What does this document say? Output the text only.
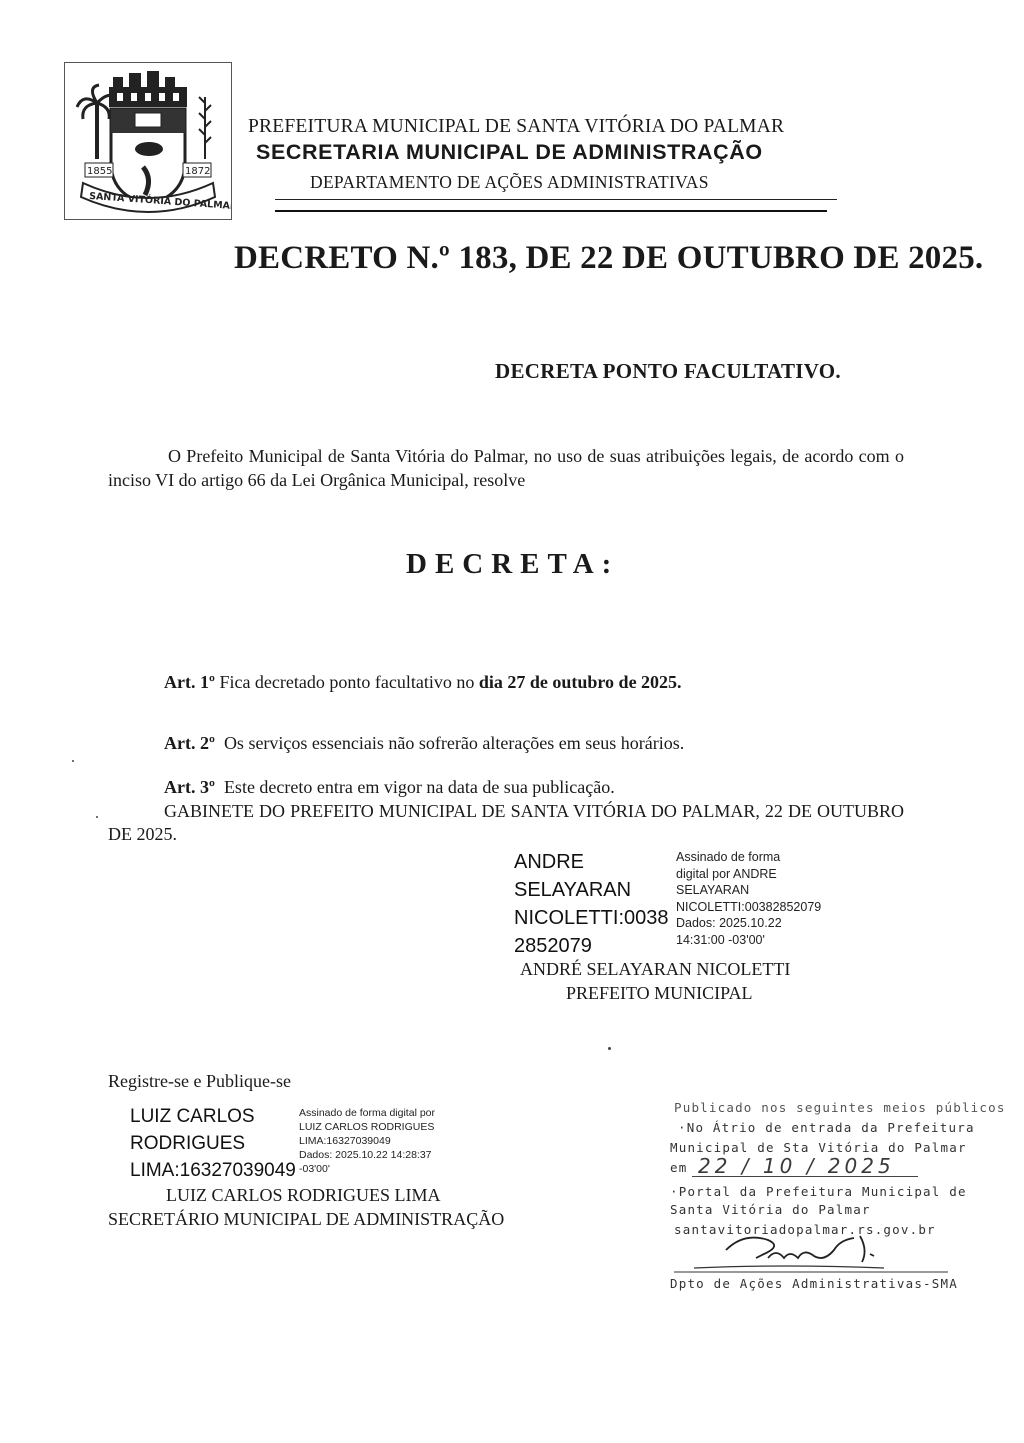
1855	1872
SANTA VITÓRIA DO PALMAR
PREFEITURA MUNICIPAL DE SANTA VITÓRIA DO PALMAR
SECRETARIA MUNICIPAL DE ADMINISTRAÇÃO
DEPARTAMENTO DE AÇÕES ADMINISTRATIVAS
DECRETO N.º 183, DE 22 DE OUTUBRO DE 2025.
DECRETA PONTO FACULTATIVO.
O Prefeito Municipal de Santa Vitória do Palmar, no uso de suas atribuições legais, de acordo com o inciso VI do artigo 66 da Lei Orgânica Municipal, resolve
DECRETA:
Art. 1º Fica decretado ponto facultativo no dia 27 de outubro de 2025.
Art. 2º  Os serviços essenciais não sofrerão alterações em seus horários.
Art. 3º  Este decreto entra em vigor na data de sua publicação.
GABINETE DO PREFEITO MUNICIPAL DE SANTA VITÓRIA DO PALMAR, 22 DE OUTUBRO DE 2025.
ANDRE
SELAYARAN
NICOLETTI:0038
2852079
Assinado de forma
digital por ANDRE
SELAYARAN
NICOLETTI:00382852079
Dados: 2025.10.22
14:31:00 -03'00'
ANDRÉ SELAYARAN NICOLETTI
PREFEITO MUNICIPAL
Registre-se e Publique-se
LUIZ CARLOS
RODRIGUES
LIMA:16327039049
Assinado de forma digital por
LUIZ CARLOS RODRIGUES
LIMA:16327039049
Dados: 2025.10.22 14:28:37
-03'00'
LUIZ CARLOS RODRIGUES LIMA
SECRETÁRIO MUNICIPAL DE ADMINISTRAÇÃO
Publicado nos seguintes meios públicos
·No Átrio de entrada da Prefeitura
Municipal de Sta Vitória do Palmar
em 22 / 10 / 2025
·Portal da Prefeitura Municipal de
Santa Vitória do Palmar
santavitoriadopalmar.rs.gov.br
Dpto de Ações Administrativas-SMA
